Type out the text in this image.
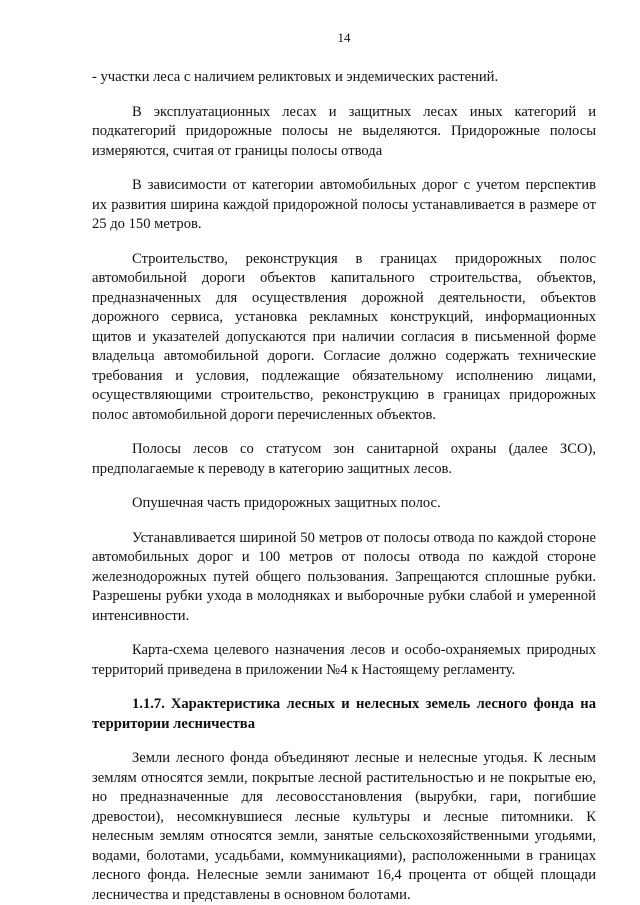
14

- участки леса с наличием реликтовых и эндемических растений.

В эксплуатационных лесах и защитных лесах иных категорий и подкатегорий придорожные полосы не выделяются. Придорожные полосы измеряются, считая от границы полосы отвода

В зависимости от категории автомобильных дорог с учетом перспектив их развития ширина каждой придорожной полосы устанавливается в размере от 25 до 150 метров.

Строительство, реконструкция в границах придорожных полос автомобильной дороги объектов капитального строительства, объектов, предназначенных для осуществления дорожной деятельности, объектов дорожного сервиса, установка рекламных конструкций, информационных щитов и указателей допускаются при наличии согласия в письменной форме владельца автомобильной дороги. Согласие должно содержать технические требования и условия, подлежащие обязательному исполнению лицами, осуществляющими строительство, реконструкцию в границах придорожных полос автомобильной дороги перечисленных объектов.

Полосы лесов со статусом зон санитарной охраны (далее ЗСО), предполагаемые к переводу в категорию защитных лесов.

Опушечная часть придорожных защитных полос.

Устанавливается шириной 50 метров от полосы отвода по каждой стороне автомобильных дорог и 100 метров от полосы отвода по каждой стороне железнодорожных путей общего пользования. Запрещаются сплошные рубки. Разрешены рубки ухода в молодняках и выборочные рубки слабой и умеренной интенсивности.

Карта-схема целевого назначения лесов и особо-охраняемых природных территорий приведена в приложении №4 к Настоящему регламенту.

1.1.7. Характеристика лесных и нелесных земель лесного фонда на территории лесничества

Земли лесного фонда объединяют лесные и нелесные угодья. К лесным землям относятся земли, покрытые лесной растительностью и не покрытые ею, но предназначенные для лесовосстановления (вырубки, гари, погибшие древостои), несомкнувшиеся лесные культуры и лесные питомники. К нелесным землям относятся земли, занятые сельскохозяйственными угодьями, водами, болотами, усадьбами, коммуникациями), расположенными в границах лесного фонда. Нелесные земли занимают 16,4 процента от общей площади лесничества и представлены в основном болотами.
